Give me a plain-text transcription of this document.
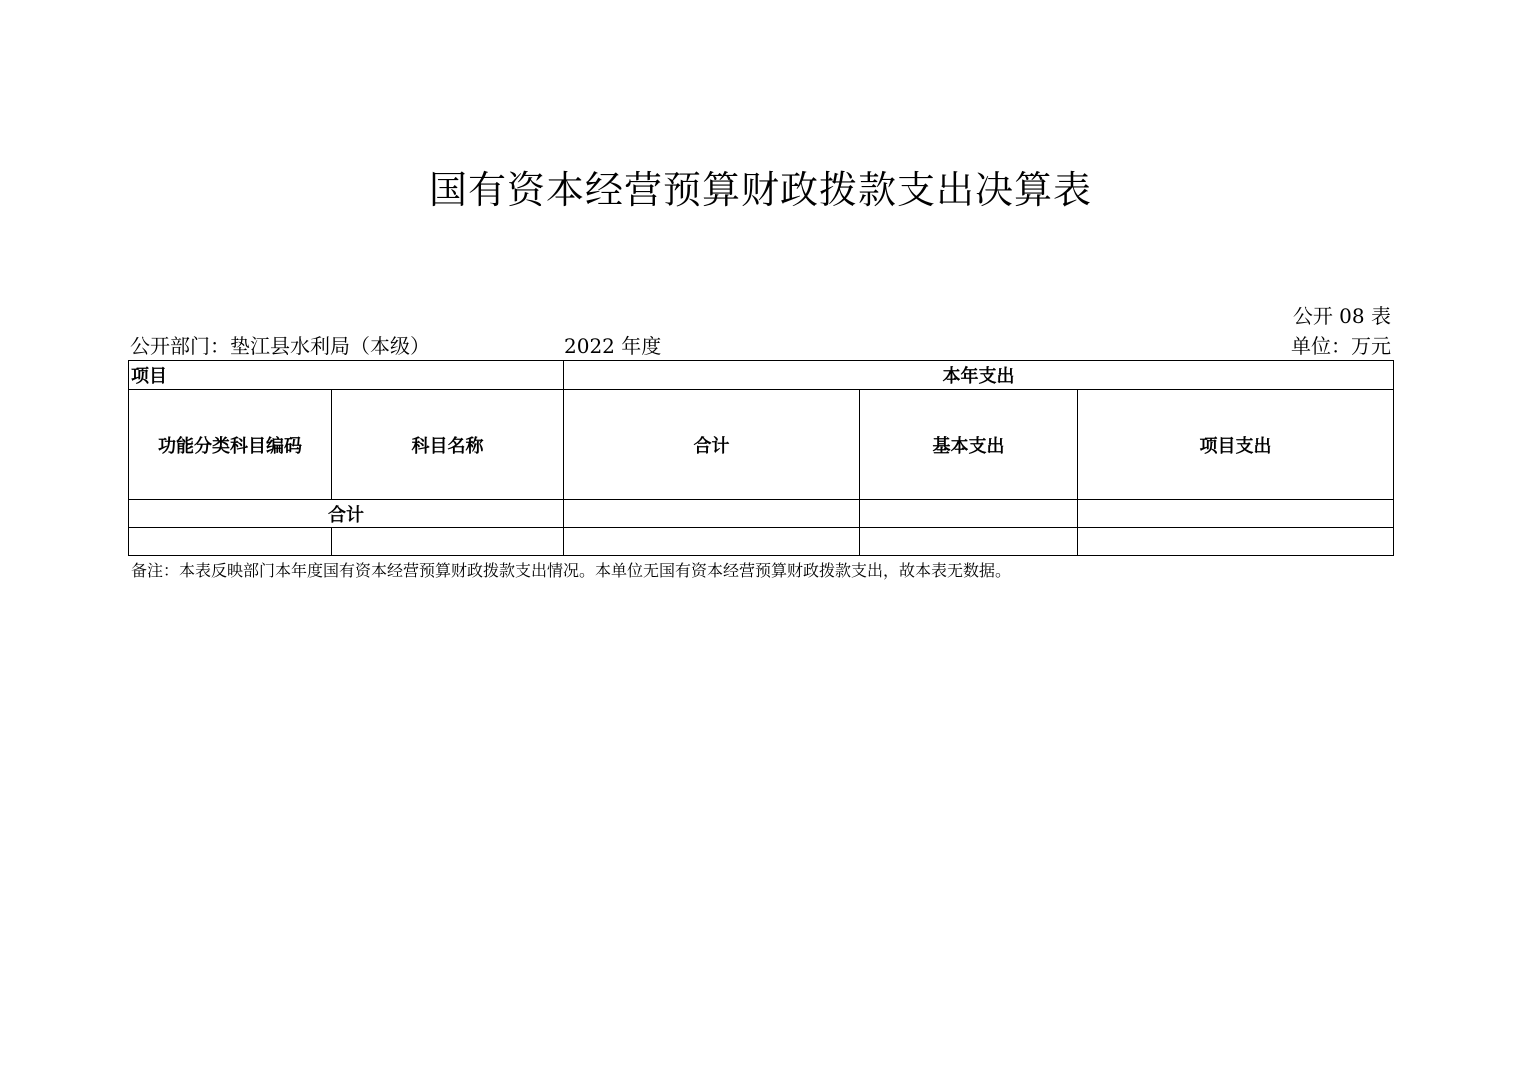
国有资本经营预算财政拨款支出决算表
公开 08 表
公开部门：垫江县水利局（本级）	2022 年度	单位：万元
项目		本年支出		
功能分类科目编码	科目名称	合计	基本支出	项目支出
合计				

备注：本表反映部门本年度国有资本经营预算财政拨款支出情况。本单位无国有资本经营预算财政拨款支出，故本表无数据。
